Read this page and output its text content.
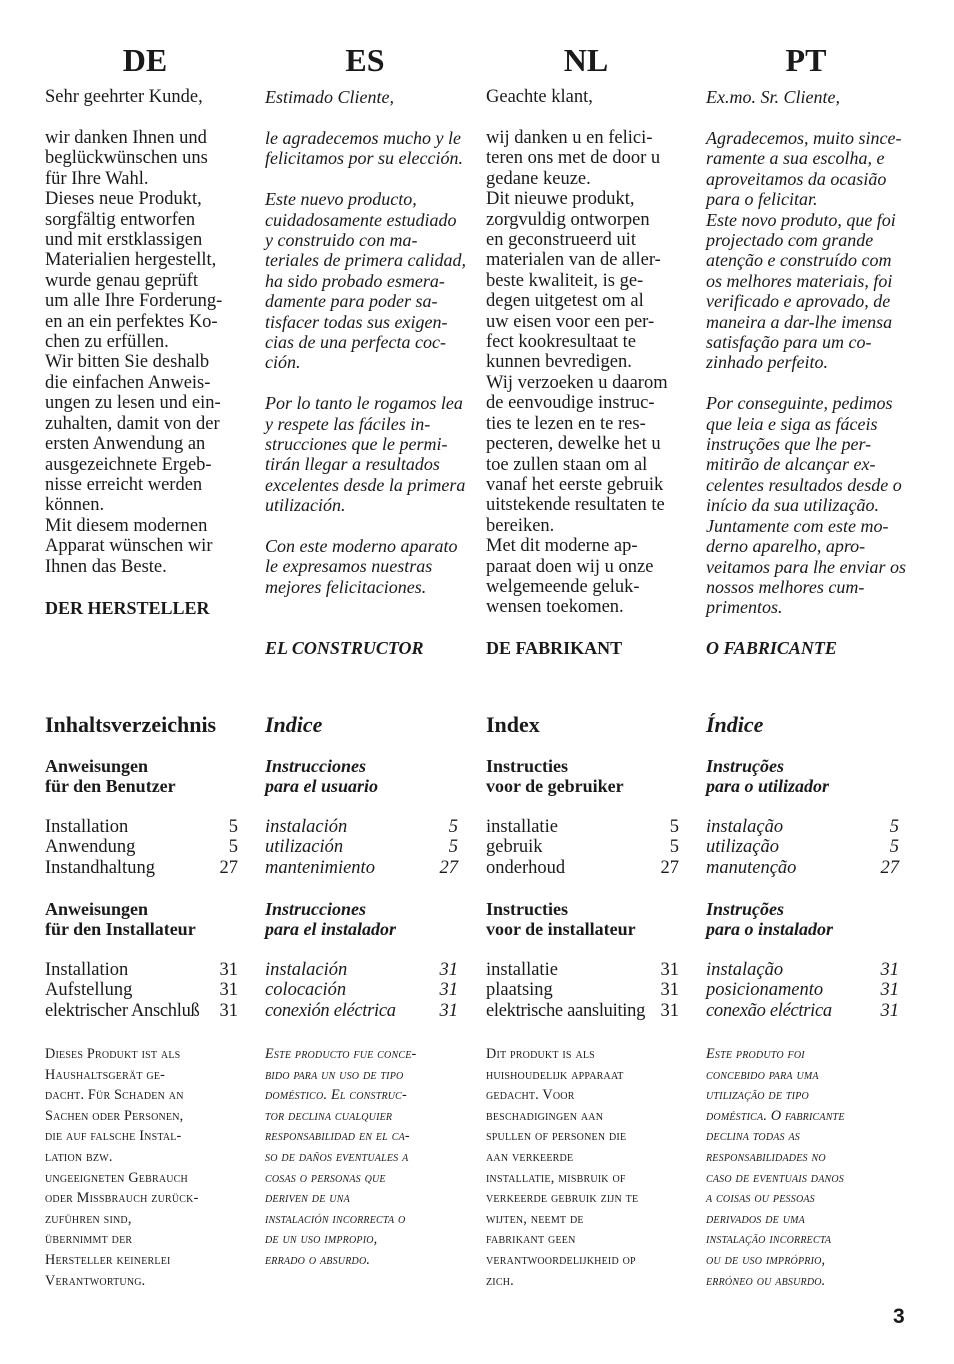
DE

Sehr geehrter Kunde,

wir danken Ihnen und
beglückwünschen uns
für Ihre Wahl.
Dieses neue Produkt,
sorgfältig entworfen
und mit erstklassigen
Materialien hergestellt,
wurde genau geprüft
um alle Ihre Forderung-
en an ein perfektes Ko-
chen zu erfüllen.
Wir bitten Sie deshalb
die einfachen Anweis-
ungen zu lesen und ein-
zuhalten, damit von der
ersten Anwendung an
ausgezeichnete Ergeb-
nisse erreicht werden
können.
Mit diesem modernen
Apparat wünschen wir
Ihnen das Beste.

DER HERSTELLER

Inhaltsverzeichnis
Anweisungen
für den Benutzer
Installation	5
Anwendung	5
Instandhaltung	27
Anweisungen
für den Installateur
Installation	31
Aufstellung	31
elektrischer Anschluß 31
Dieses Produkt ist als
Haushaltsgerät ge-
dacht. Für Schaden an
Sachen oder Personen,
die auf falsche Instal-
lation bzw.
ungeeigneten Gebrauch
oder Missbrauch zurück-
zuführen sind,
übernimmt der
Hersteller keinerlei
Verantwortung.
ES

Estimado Cliente,

le agradecemos mucho y le
felicitamos por su elección.

Este nuevo producto,
cuidadosamente estudiado
y construido con ma-
teriales de primera calidad,
ha sido probado esmera-
damente para poder sa-
tisfacer todas sus exigen-
cias de una perfecta coc-
ción.

Por lo tanto le rogamos lea
y respete las fáciles in-
strucciones que le permi-
tirán llegar a resultados
excelentes desde la primera
utilización.

Con este moderno aparato
le expresamos nuestras
mejores felicitaciones.

EL CONSTRUCTOR

Indice
Instrucciones
para el usuario
instalación	5
utilización	5
mantenimiento	27
Instrucciones
para el instalador
instalación	31
colocación	31
conexión eléctrica 31
Este producto fue conce-
bido para un uso de tipo
doméstico. El construc-
tor declina cualquier
responsabilidad en el ca-
so de daños eventuales a
cosas o personas que
deriven de una
instalación incorrecta o
de un uso impropio,
errado o absurdo.
NL

Geachte klant,

wij danken u en felici-
teren ons met de door u
gedane keuze.
Dit nieuwe produkt,
zorgvuldig ontworpen
en geconstrueerd uit
materialen van de aller-
beste kwaliteit, is ge-
degen uitgetest om al
uw eisen voor een per-
fect kookresultaat te
kunnen bevredigen.
Wij verzoeken u daarom
de eenvoudige instruc-
ties te lezen en te res-
pecteren, dewelke het u
toe zullen staan om al
vanaf het eerste gebruik
uitstekende resultaten te
bereiken.
Met dit moderne ap-
paraat doen wij u onze
welgemeende geluk-
wensen toekomen.

DE FABRIKANT

Index
Instructies
voor de gebruiker
installatie	5
gebruik	5
onderhoud	27
Instructies
voor de installateur
installatie	31
plaatsing	31
elektrische aansluiting 31
Dit produkt is als
huishoudelijk apparaat
gedacht. Voor
beschadigingen aan
spullen of personen die
aan verkeerde
installatie, misbruik of
verkeerde gebruik zijn te
wijten, neemt de
fabrikant geen
verantwoordelijkheid op
zich.
PT

Ex.mo. Sr. Cliente,

Agradecemos, muito since-
ramente a sua escolha, e
aproveitamos da ocasião
para o felicitar.
Este novo produto, que foi
projectado com grande
atenção e construído com
os melhores materiais, foi
verificado e aprovado, de
maneira a dar-lhe imensa
satisfação para um co-
zinhado perfeito.

Por conseguinte, pedimos
que leia e siga as fáceis
instruções que lhe per-
mitirão de alcançar ex-
celentes resultados desde o
início da sua utilização.
Juntamente com este mo-
derno aparelho, apro-
veitamos para lhe enviar os
nossos melhores cum-
primentos.

O FABRICANTE

Índice
Instruções
para o utilizador
instalação	5
utilização	5
manutenção	27
Instruções
para o instalador
instalação	31
posicionamento	31
conexão eléctrica	31
Este produto foi
concebido para uma
utilização de tipo
doméstica. O fabricante
declina todas as
responsabilidades no
caso de eventuais danos
a coisas ou pessoas
derivados de uma
instalação incorrecta
ou de uso impróprio,
erróneo ou absurdo.

3
